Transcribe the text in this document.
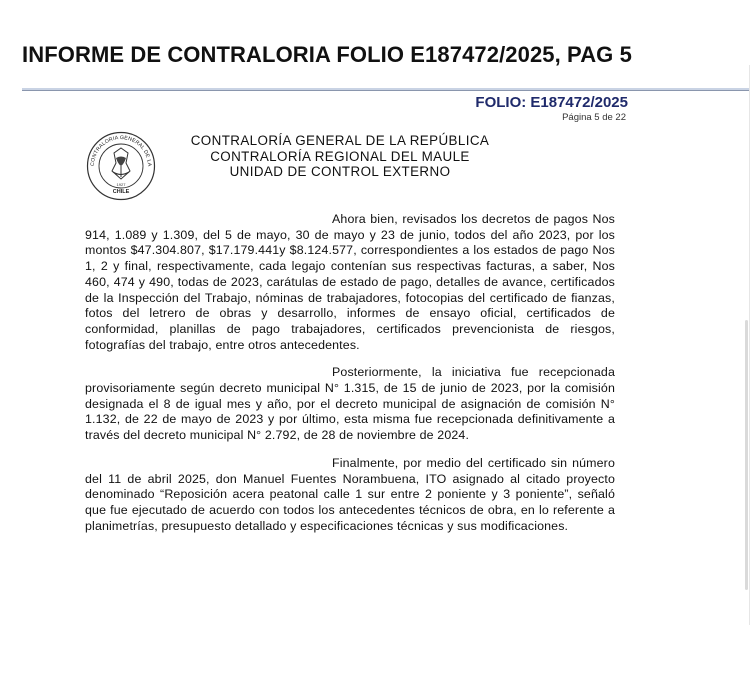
INFORME DE CONTRALORIA FOLIO E187472/2025, PAG 5
FOLIO: E187472/2025
Página 5 de 22
CONTRALORIA GENERAL DE LA
CHILE
1927
CONTRALORÍA GENERAL DE LA REPÚBLICA
CONTRALORÍA REGIONAL DEL MAULE
UNIDAD DE CONTROL EXTERNO

Ahora bien, revisados los decretos de pagos Nos 914, 1.089 y 1.309, del 5 de mayo, 30 de mayo y 23 de junio, todos del año 2023, por los montos $47.304.807, $17.179.441y $8.124.577, correspondientes a los estados de pago Nos 1, 2 y final, respectivamente, cada legajo contenían sus respectivas facturas, a saber, Nos 460, 474 y 490, todas de 2023, carátulas de estado de pago, detalles de avance, certificados de la Inspección del Trabajo, nóminas de trabajadores, fotocopias del certificado de fianzas, fotos del letrero de obras y desarrollo, informes de ensayo oficial, certificados de conformidad, planillas de pago trabajadores, certificados prevencionista de riesgos, fotografías del trabajo, entre otros antecedentes.

Posteriormente, la iniciativa fue recepcionada provisoriamente según decreto municipal N° 1.315, de 15 de junio de 2023, por la comisión designada el 8 de igual mes y año, por el decreto municipal de asignación de comisión N° 1.132, de 22 de mayo de 2023 y por último, esta misma fue recepcionada definitivamente a través del decreto municipal N° 2.792, de 28 de noviembre de 2024.

Finalmente, por medio del certificado sin número del 11 de abril 2025, don Manuel Fuentes Norambuena, ITO asignado al citado proyecto denominado “Reposición acera peatonal calle 1 sur entre 2 poniente y 3 poniente”, señaló que fue ejecutado de acuerdo con todos los antecedentes técnicos de obra, en lo referente a planimetrías, presupuesto detallado y especificaciones técnicas y sus modificaciones.
